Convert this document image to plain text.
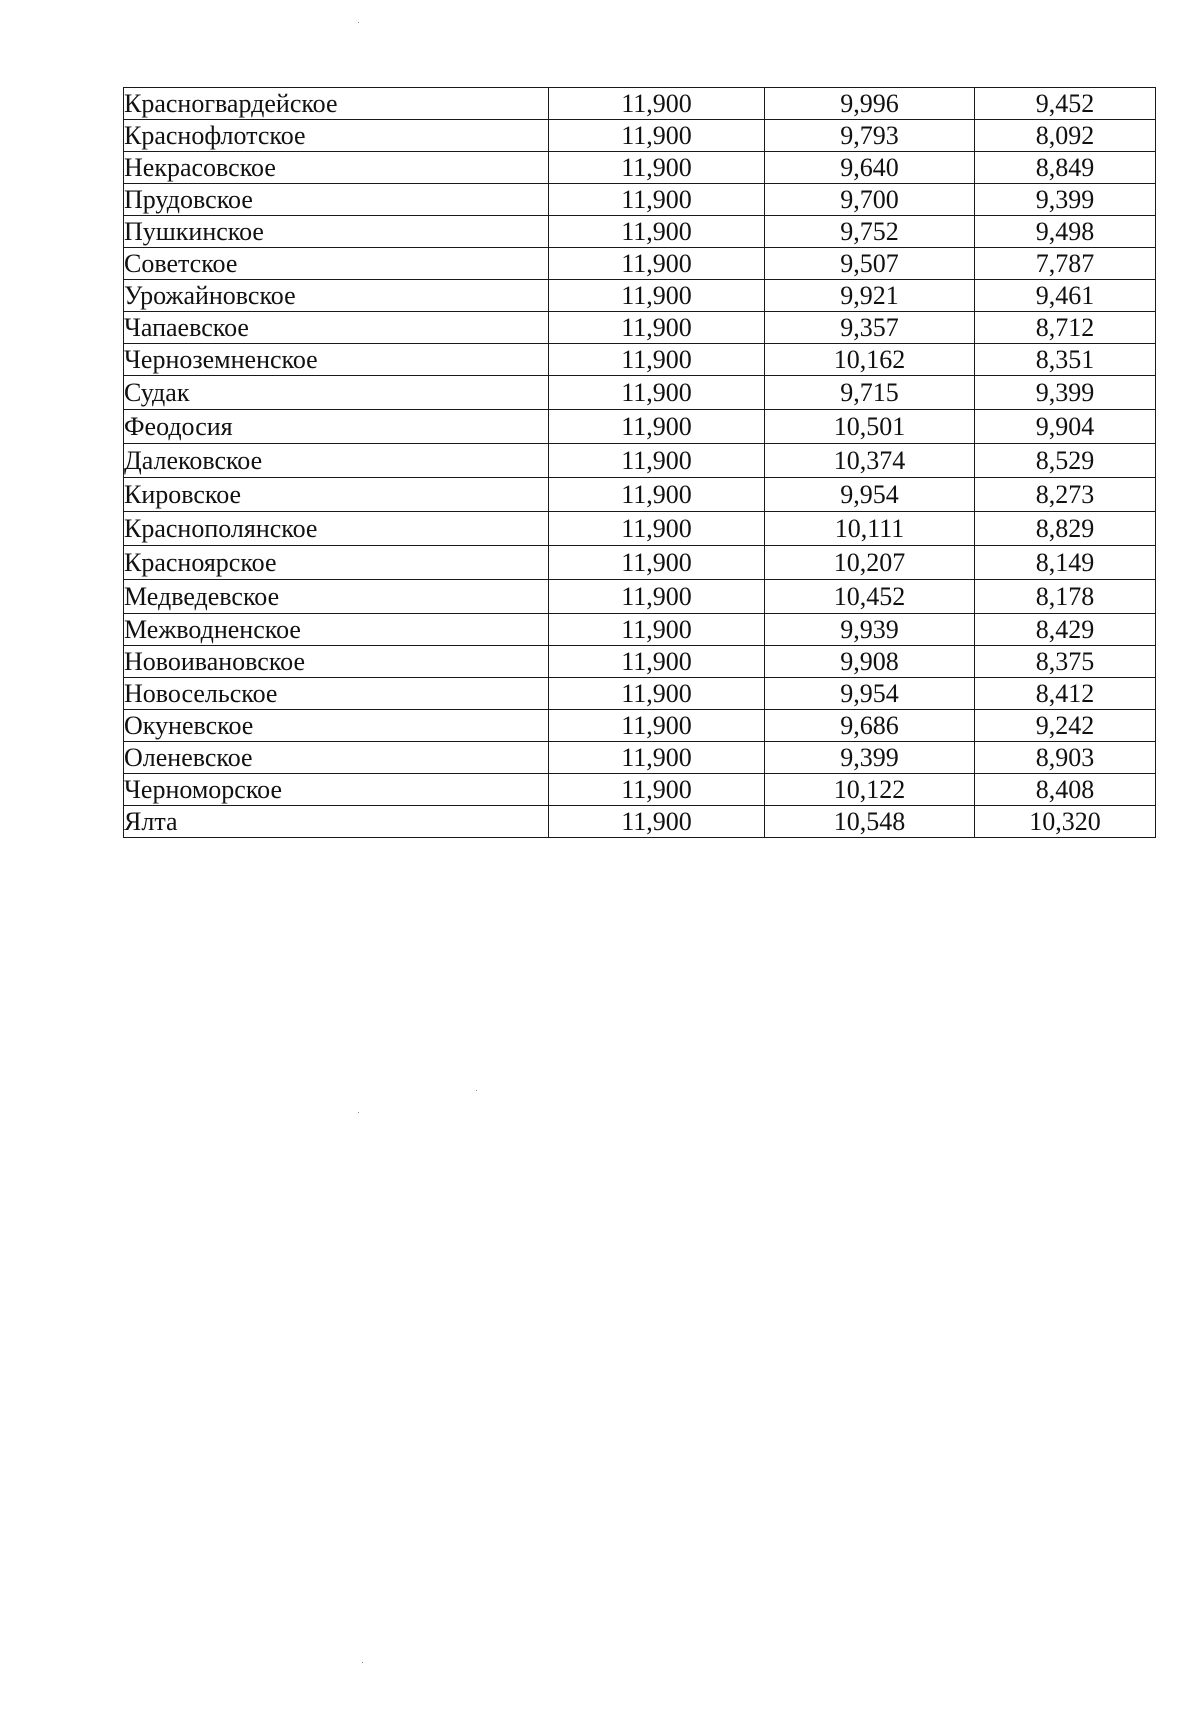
Красногвардейское	11,900	9,996	9,452
Краснофлотское	11,900	9,793	8,092
Некрасовское	11,900	9,640	8,849
Прудовское	11,900	9,700	9,399
Пушкинское	11,900	9,752	9,498
Советское	11,900	9,507	7,787
Урожайновское	11,900	9,921	9,461
Чапаевское	11,900	9,357	8,712
Черноземненское	11,900	10,162	8,351
Судак	11,900	9,715	9,399
Феодосия	11,900	10,501	9,904
Далековское	11,900	10,374	8,529
Кировское	11,900	9,954	8,273
Краснополянское	11,900	10,111	8,829
Красноярское	11,900	10,207	8,149
Медведевское	11,900	10,452	8,178
Межводненское	11,900	9,939	8,429
Новоивановское	11,900	9,908	8,375
Новосельское	11,900	9,954	8,412
Окуневское	11,900	9,686	9,242
Оленевское	11,900	9,399	8,903
Черноморское	11,900	10,122	8,408
Ялта	11,900	10,548	10,320
